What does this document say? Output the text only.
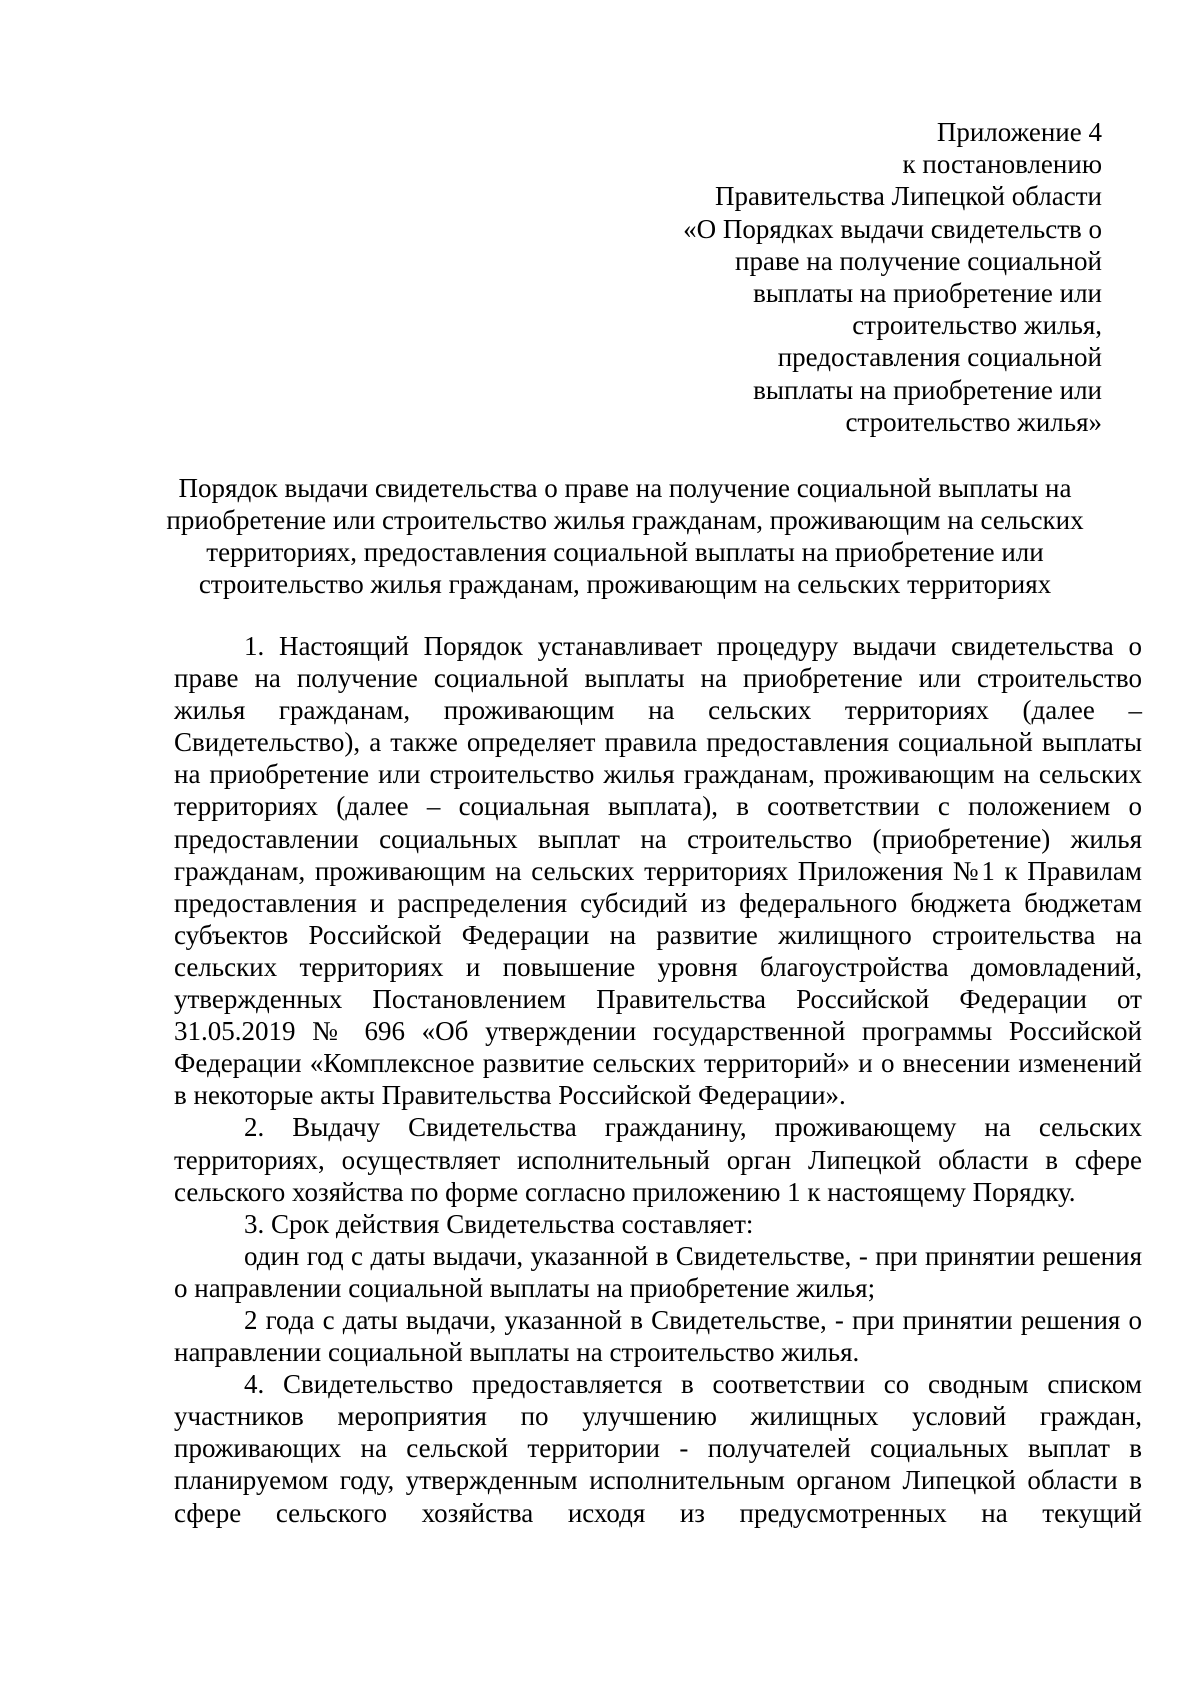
Приложение 4
к постановлению
Правительства Липецкой области
«О Порядках выдачи свидетельств о
праве на получение социальной
выплаты на приобретение или
строительство жилья,
предоставления социальной
выплаты на приобретение или
строительство жилья»
Порядок выдачи свидетельства о праве на получение социальной выплаты на
приобретение или строительство жилья гражданам, проживающим на сельских
территориях, предоставления социальной выплаты на приобретение или
строительство жилья гражданам, проживающим на сельских территориях

1. Настоящий Порядок устанавливает процедуру выдачи свидетельства о праве на получение социальной выплаты на приобретение или строительство жилья гражданам, проживающим на сельских территориях (далее – Свидетельство), а также определяет правила предоставления социальной выплаты на приобретение или строительство жилья гражданам, проживающим на сельских территориях (далее – социальная выплата), в соответствии с положением о предоставлении социальных выплат на строительство (приобретение) жилья гражданам, проживающим на сельских территориях Приложения №1 к Правилам предоставления и распределения субсидий из федерального бюджета бюджетам субъектов Российской Федерации на развитие жилищного строительства на сельских территориях и повышение уровня благоустройства домовладений, утвержденных Постановлением Правительства Российской Федерации от 31.05.2019 № 696 «Об утверждении государственной программы Российской Федерации «Комплексное развитие сельских территорий» и о внесении изменений в некоторые акты Правительства Российской Федерации».

2. Выдачу Свидетельства гражданину, проживающему на сельских территориях, осуществляет исполнительный орган Липецкой области в сфере сельского хозяйства по форме согласно приложению 1 к настоящему Порядку.

3. Срок действия Свидетельства составляет:

один год с даты выдачи, указанной в Свидетельстве, - при принятии решения о направлении социальной выплаты на приобретение жилья;

2 года с даты выдачи, указанной в Свидетельстве, - при принятии решения о направлении социальной выплаты на строительство жилья.

4. Свидетельство предоставляется в соответствии со сводным списком участников мероприятия по улучшению жилищных условий граждан, проживающих на сельской территории - получателей социальных выплат в планируемом году, утвержденным исполнительным органом Липецкой области в сфере сельского хозяйства исходя из предусмотренных на текущий
